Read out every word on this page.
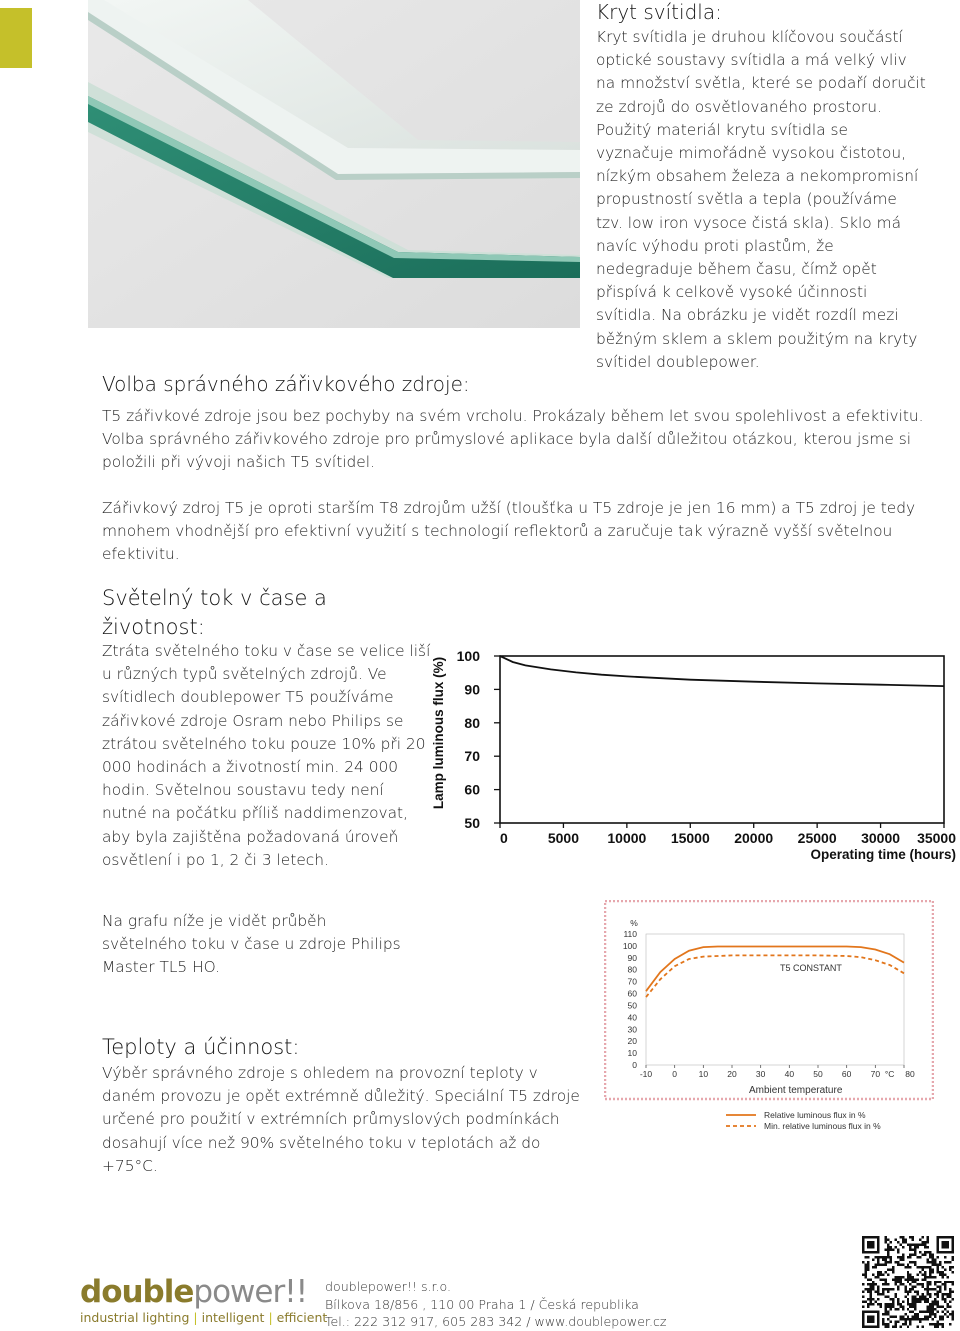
Kryt svítidla:

Kryt svítidla je druhou klíčovou součástí optické soustavy svítidla a má velký vliv na množství světla, které se podaří doručit ze zdrojů do osvětlovaného prostoru. Použitý materiál krytu svítidla se vyznačuje mimořádně vysokou čistotou, nízkým obsahem železa a nekompromisní propustností světla a tepla (používáme tzv. low iron vysoce čistá skla). Sklo má navíc výhodu proti plastům, že nedegraduje během času, čímž opět přispívá k celkově vysoké účinnosti svítidla. Na obrázku je vidět rozdíl mezi běžným sklem a sklem použitým na kryty svítidel doublepower.

Volba správného zářivkového zdroje:

T5 zářivkové zdroje jsou bez pochyby na svém vrcholu. Prokázaly během let svou spolehlivost a efektivitu. Volba správného zářivkového zdroje pro průmyslové aplikace byla další důležitou otázkou, kterou jsme si položili při vývoji našich T5 svítidel.

Zářivkový zdroj T5 je oproti starším T8 zdrojům užší (tloušťka u T5 zdroje je jen 16 mm) a T5 zdroj je tedy mnohem vhodnější pro efektivní využití s technologií reflektorů a zaručuje tak výrazně vyšší světelnou efektivitu.

Světelný tok v čase a životnost:

Ztráta světelného toku v čase se velice liší u různých typů světelných zdrojů. Ve svítidlech doublepower T5 používáme zářivkové zdroje Osram nebo Philips se ztrátou světelného toku pouze 10% při 20 000 hodinách a životností min. 24 000 hodin. Světelnou soustavu tedy není nutné na počátku příliš naddimenzovat, aby byla zajištěna požadovaná úroveň osvětlení i po 1, 2 či 3 letech.

Na grafu níže je vidět průběh světelného toku v čase u zdroje Philips Master TL5 HO.

Teploty a účinnost:

Výběr správného zdroje s ohledem na provozní teploty v daném provozu je opět extrémně důležitý. Speciální T5 zdroje určené pro použití v extrémních průmyslových podmínkách dosahují více než 90% světelného toku v teplotách až do +75°C.

Lamp luminous flux (%)
100
90
80
70
60
50
0	5000 10000 15000 20000 25000 30000 35000
Operating time (hours)
%
110
100
90
80
70
60
50
40
30
20
10
0
-10 0	10 20 30 40 50 60 70 °C 80
T5 CONSTANT
Ambient temperature
Relative luminous flux in %
Min. relative luminous flux in %
doublepower!!
industrial lighting | intelligent | efficient
doublepower!! s.r.o.
Bílkova 18/856 , 110 00 Praha 1 / Česká republika
Tel.: 222 312 917, 605 283 342 / www.doublepower.cz
